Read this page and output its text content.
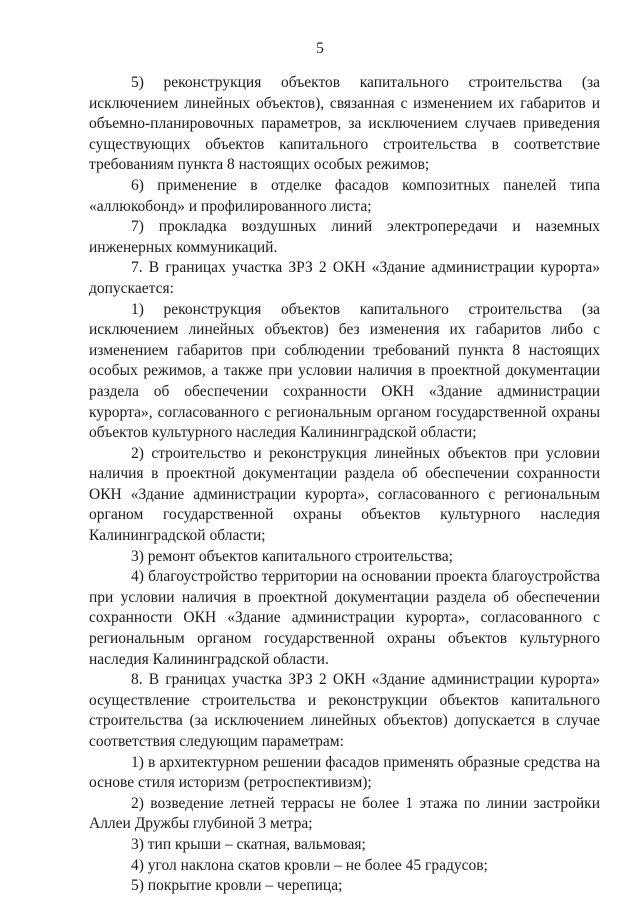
5

5) реконструкция объектов капитального строительства (за исключением линейных объектов), связанная с изменением их габаритов и объемно-планировочных параметров, за исключением случаев приведения существующих объектов капитального строительства в соответствие требованиям пункта 8 настоящих особых режимов;

6) применение в отделке фасадов композитных панелей типа «аллюкобонд» и профилированного листа;

7) прокладка воздушных линий электропередачи и наземных инженерных коммуникаций.

7. В границах участка ЗРЗ 2 ОКН «Здание администрации курорта» допускается:

1) реконструкция объектов капитального строительства (за исключением линейных объектов) без изменения их габаритов либо с изменением габаритов при соблюдении требований пункта 8 настоящих особых режимов, а также при условии наличия в проектной документации раздела об обеспечении сохранности ОКН «Здание администрации курорта», согласованного с региональным органом государственной охраны объектов культурного наследия Калининградской области;

2) строительство и реконструкция линейных объектов при условии наличия в проектной документации раздела об обеспечении сохранности ОКН «Здание администрации курорта», согласованного с региональным органом государственной охраны объектов культурного наследия Калининградской области;

3) ремонт объектов капитального строительства;

4) благоустройство территории на основании проекта благоустройства при условии наличия в проектной документации раздела об обеспечении сохранности ОКН «Здание администрации курорта», согласованного с региональным органом государственной охраны объектов культурного наследия Калининградской области.

8. В границах участка ЗРЗ 2 ОКН «Здание администрации курорта» осуществление строительства и реконструкции объектов капитального строительства (за исключением линейных объектов) допускается в случае соответствия следующим параметрам:

1) в архитектурном решении фасадов применять образные средства на основе стиля историзм (ретроспективизм);

2) возведение летней террасы не более 1 этажа по линии застройки Аллеи Дружбы глубиной 3 метра;

3) тип крыши – скатная, вальмовая;

4) угол наклона скатов кровли – не более 45 градусов;

5) покрытие кровли – черепица;
